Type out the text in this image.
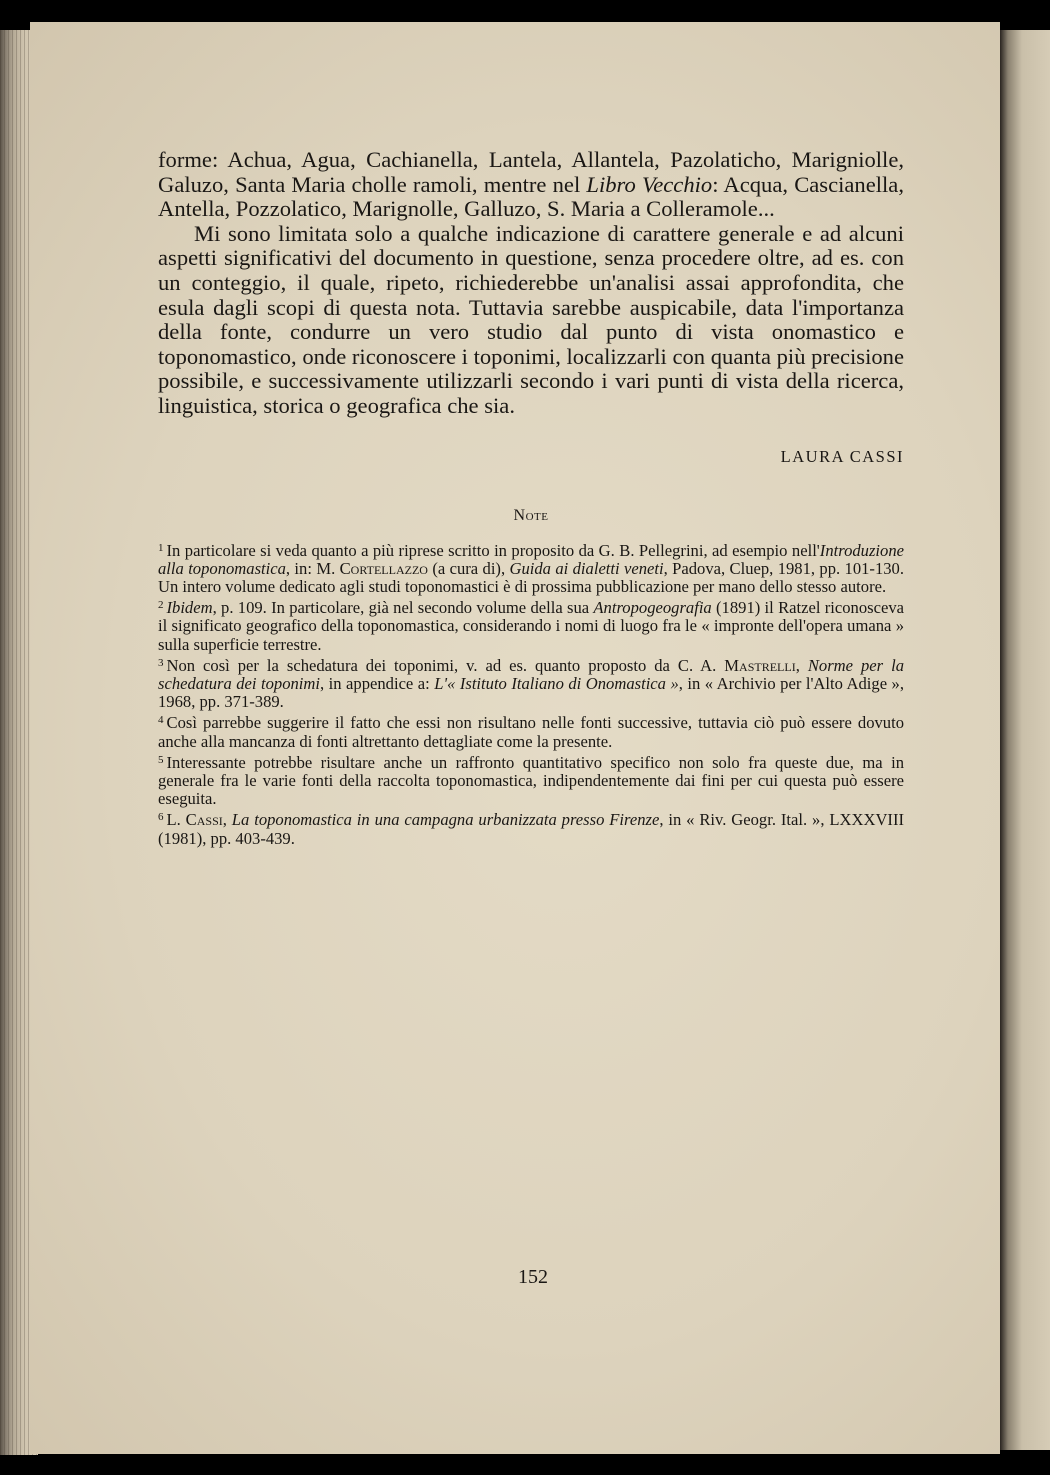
forme: Achua, Agua, Cachianella, Lantela, Allantela, Pazolaticho, Marigniolle, Galuzo, Santa Maria cholle ramoli, mentre nel Libro Vecchio: Acqua, Cascianella, Antella, Pozzolatico, Marignolle, Galluzo, S. Maria a Colleramole...

Mi sono limitata solo a qualche indicazione di carattere generale e ad alcuni aspetti significativi del documento in questione, senza procedere oltre, ad es. con un conteggio, il quale, ripeto, richiederebbe un'analisi assai approfondita, che esula dagli scopi di questa nota. Tuttavia sarebbe auspicabile, data l'importanza della fonte, condurre un vero studio dal punto di vista onomastico e toponomastico, onde riconoscere i toponimi, localizzarli con quanta più precisione possibile, e successivamente utilizzarli secondo i vari punti di vista della ricerca, linguistica, storica o geografica che sia.

LAURA CASSI
Note

$^1$ In particolare si veda quanto a più riprese scritto in proposito da G. B. Pellegrini, ad esempio nell'Introduzione alla toponomastica, in: M. Cortellazzo (a cura di), Guida ai dialetti veneti, Padova, Cluep, 1981, pp. 101-130. Un intero volume dedicato agli studi toponomastici è di prossima pubblicazione per mano dello stesso autore.

$^2$ Ibidem, p. 109. In particolare, già nel secondo volume della sua Antropogeografia (1891) il Ratzel riconosceva il significato geografico della toponomastica, considerando i nomi di luogo fra le « impronte dell'opera umana » sulla superficie terrestre.

$^3$ Non così per la schedatura dei toponimi, v. ad es. quanto proposto da C. A. Mastrelli, Norme per la schedatura dei toponimi, in appendice a: L'« Istituto Italiano di Onomastica », in « Archivio per l'Alto Adige », 1968, pp. 371-389.

$^4$ Così parrebbe suggerire il fatto che essi non risultano nelle fonti successive, tuttavia ciò può essere dovuto anche alla mancanza di fonti altrettanto dettagliate come la presente.

$^5$ Interessante potrebbe risultare anche un raffronto quantitativo specifico non solo fra queste due, ma in generale fra le varie fonti della raccolta toponomastica, indipendentemente dai fini per cui questa può essere eseguita.

$^6$ L. Cassi, La toponomastica in una campagna urbanizzata presso Firenze, in « Riv. Geogr. Ital. », LXXXVIII (1981), pp. 403-439.

152
